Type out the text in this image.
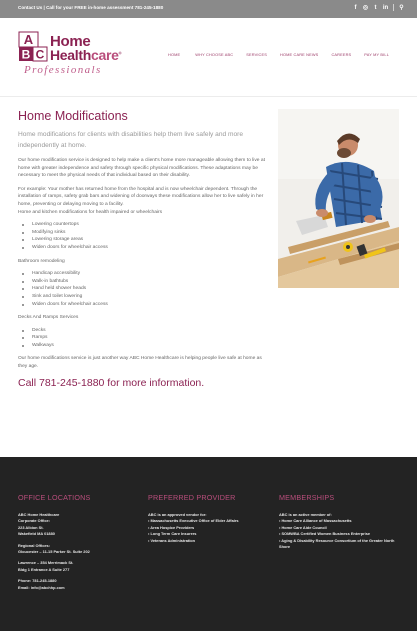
Contact Us | Call for your FREE in-home assessment 781-245-1880	f	◎	t	in ⚲
A
B C
Home
Healthcare®
Professionals
HOME	WHY CHOOSE ABC	SERVICES	HOME CARE NEWS	CAREERS	PAY MY BILL
Home Modifications

Home modifications for clients with disabilities help them live safely and more independently at home.

Our home modification service is designed to help make a client's home more manageable allowing them to live at home with greater independence and safety through specific physical modifications. These adaptations may be necessary to meet the physical needs of that individual based on their disability.

For example: Your mother has returned home from the hospital and is now wheelchair dependent. Through the installation of ramps, safety grab bars and widening of doorways these modifications allow her to live safely in her home, preventing or delaying moving to a facility.

Home and kitchen modifications for health impaired or wheelchairs

Lowering countertops
Modifying sinks
Lowering storage areas
Widen doors for wheelchair access

Bathroom remodeling

Handicap accessibility
Walk-in bathtubs
Hand held shower heads
Sink and toilet lowering
Widen doors for wheelchair access

Decks And Ramps Services

Decks
Ramps
Walkways

Our home modifications service is just another way ABC Home Healthcare is helping people live safe at home as they age.

Call 781-245-1880 for more information.

OFFICE LOCATIONS
ABC Home Healthcare
Corporate Office:
223 Albion St.
Wakefield MA 01880
Regional Offices:
Gloucester – 11-15 Parker St. Suite 202
Lawrence – 354 Merrimack St.
Bldg 1 Entrance A Suite 277
Phone: 781-245-1880
Email: info@abchhp.com
PREFERRED PROVIDER
ABC is an approved vendor for:
• Massachusetts Executive Office of Elder Affairs
• Area Hospice Providers
• Long Term Care Insurers
• Veterans Administration
MEMBERSHIPS
ABC is an active member of:
• Home Care Alliance of Massachusetts
• Home Care Aide Council
• SOMWBA Certified Women Business Enterprise
• Aging & Disability Resource Consortium of the Greater North Shore
